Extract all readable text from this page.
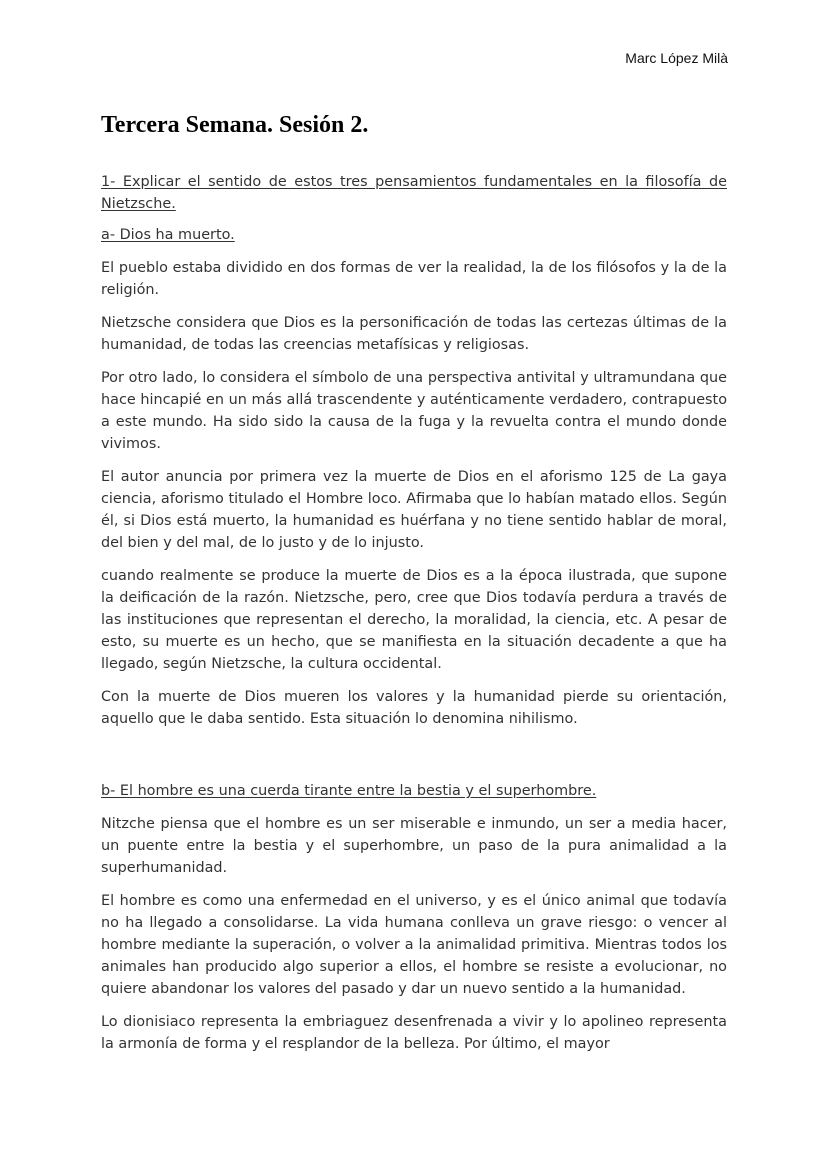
Marc López Milà
Tercera Semana. Sesión 2.

1- Explicar el sentido de estos tres pensamientos fundamentales en la filosofía de Nietzsche.

a- Dios ha muerto.

El pueblo estaba dividido en dos formas de ver la realidad, la de los filósofos y la de la religión.

Nietzsche considera que Dios es la personificación de todas las certezas últimas de la humanidad, de todas las creencias metafísicas y religiosas.

Por otro lado, lo considera el símbolo de una perspectiva antivital y ultramundana que hace hincapié en un más allá trascendente y auténticamente verdadero, contrapuesto a este mundo. Ha sido sido la causa de la fuga y la revuelta contra el mundo donde vivimos.

El autor anuncia por primera vez la muerte de Dios en el aforismo 125 de La gaya ciencia, aforismo titulado el Hombre loco. Afirmaba que lo habían matado ellos. Según él, si Dios está muerto, la humanidad es huérfana y no tiene sentido hablar de moral, del bien y del mal, de lo justo y de lo injusto.

cuando realmente se produce la muerte de Dios es a la época ilustrada, que supone la deificación de la razón. Nietzsche, pero, cree que Dios todavía perdura a través de las instituciones que representan el derecho, la moralidad, la ciencia, etc. A pesar de esto, su muerte es un hecho, que se manifiesta en la situación decadente a que ha llegado, según Nietzsche, la cultura occidental.

Con la muerte de Dios mueren los valores y la humanidad pierde su orientación, aquello que le daba sentido. Esta situación lo denomina nihilismo.

b- El hombre es una cuerda tirante entre la bestia y el superhombre.

Nitzche piensa que el hombre es un ser miserable e inmundo, un ser a media hacer, un puente entre la bestia y el superhombre, un paso de la pura animalidad a la superhumanidad.

El hombre es como una enfermedad en el universo, y es el único animal que todavía no ha llegado a consolidarse. La vida humana conlleva un grave riesgo: o vencer al hombre mediante la superación, o volver a la animalidad primitiva. Mientras todos los animales han producido algo superior a ellos, el hombre se resiste a evolucionar, no quiere abandonar los valores del pasado y dar un nuevo sentido a la humanidad.

Lo dionisiaco representa la embriaguez desenfrenada a vivir y lo apolineo representa la armonía de forma y el resplandor de la belleza. Por último, el mayor
